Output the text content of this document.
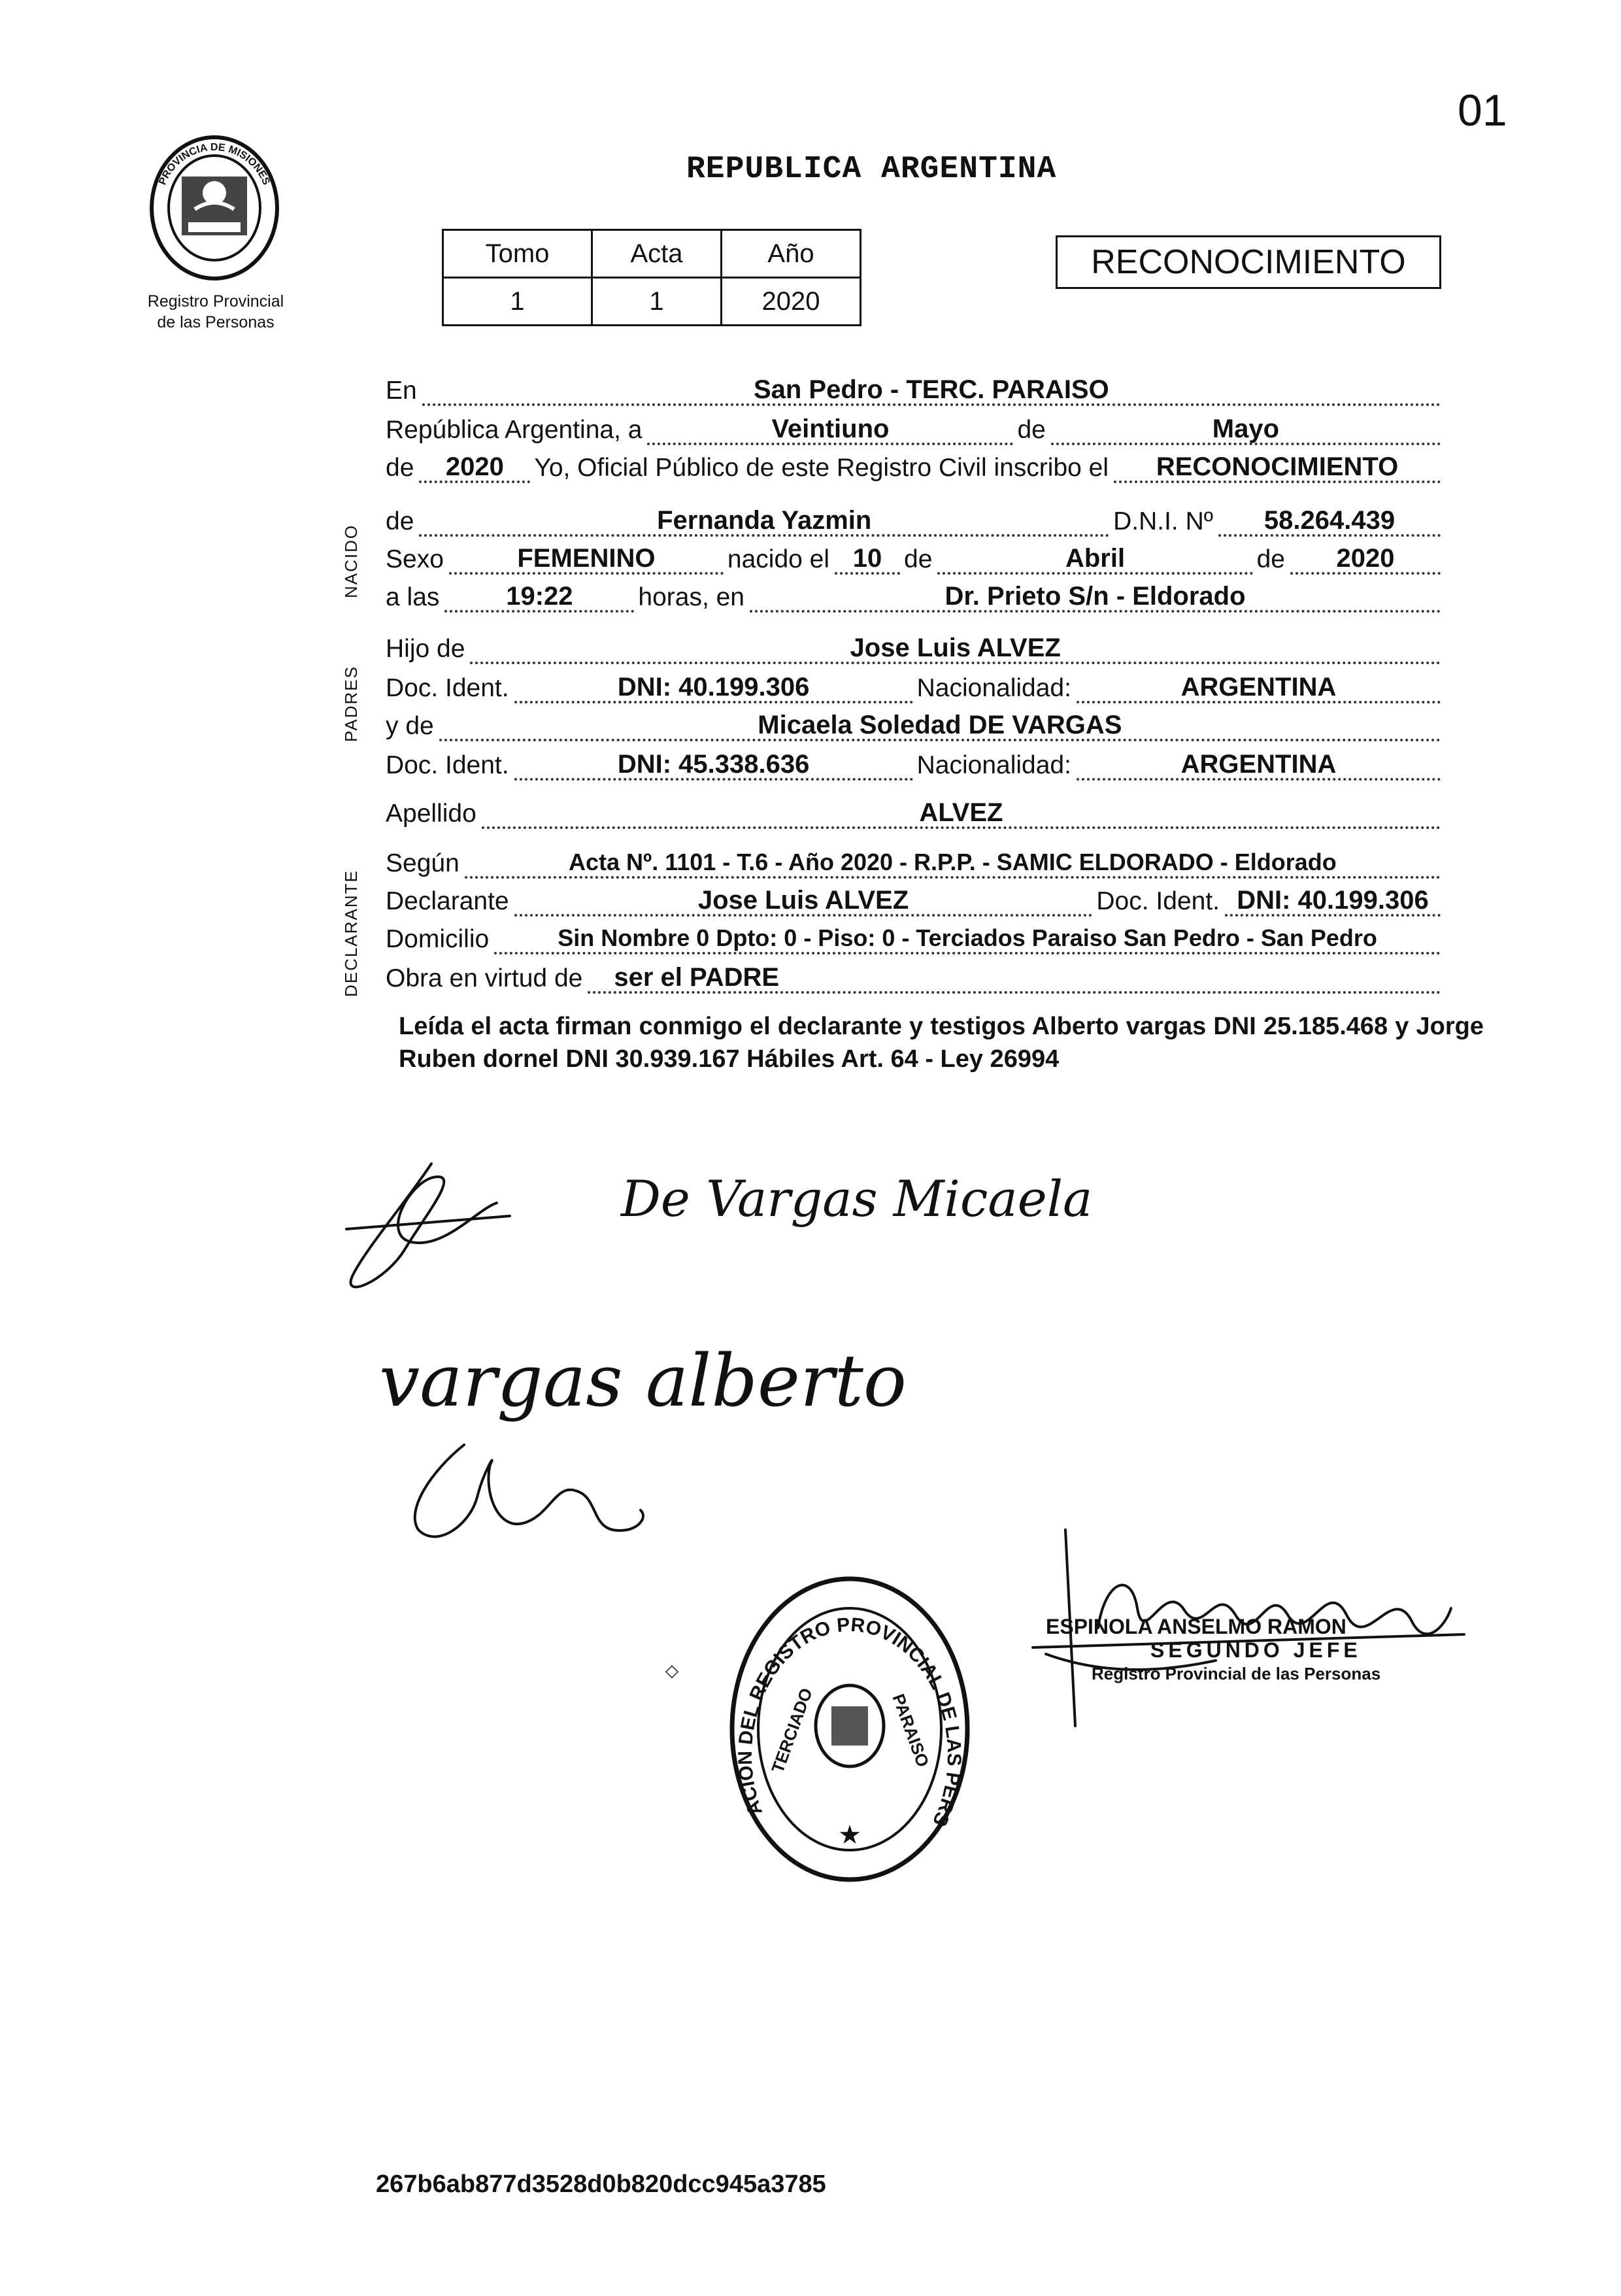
01
PROVINCIA DE MISIONES
Registro Provincial
de las Personas
REPUBLICA ARGENTINA
Tomo	Acta	Año
1	1	2020
RECONOCIMIENTO
NACIDO
PADRES
DECLARANTE
En	San Pedro - TERC. PARAISO
República Argentina, a	Veintiuno	de	Mayo
de	2020	Yo, Oficial Público de este Registro Civil inscribo el	RECONOCIMIENTO
de	Fernanda Yazmin	D.N.I. Nº	58.264.439
Sexo	FEMENINO	nacido el 10 de	Abril	de	2020
a las	19:22	horas, en	Dr. Prieto S/n - Eldorado
Hijo de	Jose Luis ALVEZ
Doc. Ident.	DNI: 40.199.306	Nacionalidad:	ARGENTINA
y de	Micaela Soledad DE VARGAS
Doc. Ident.	DNI: 45.338.636	Nacionalidad:	ARGENTINA
Apellido	ALVEZ
Según	Acta Nº. 1101 - T.6 - Año 2020 - R.P.P. - SAMIC ELDORADO - Eldorado
Declarante	Jose Luis ALVEZ	Doc. Ident. DNI: 40.199.306
Domicilio	Sin Nombre 0 Dpto: 0 - Piso: 0 - Terciados Paraiso San Pedro - San Pedro
Obra en virtud de	ser el PADRE
Leída el acta firman conmigo el declarante y testigos Alberto vargas DNI 25.185.468 y Jorge Ruben dornel DNI 30.939.167 Hábiles Art. 64 - Ley 26994
De Vargas Micaela
vargas alberto
DELEGACION DEL REGISTRO PROVINCIAL DE LAS PERSONAS
TERCIADO	PARAISO
★
◇
ESPINOLA ANSELMO RAMON
SEGUNDO JEFE
Registro Provincial de las Personas
267b6ab877d3528d0b820dcc945a3785
